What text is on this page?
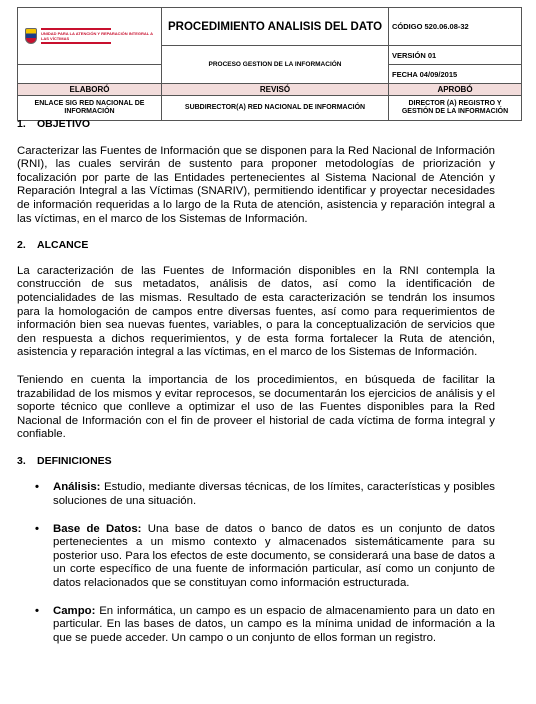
UNIDAD PARA LA ATENCIÓN Y REPARACIÓN INTEGRAL A LAS VÍCTIMAS	PROCEDIMIENTO ANALISIS DEL DATO	CÓDIGO 520.06.08-32
	PROCESO GESTION DE LA INFORMACIÓN	VERSIÓN 01
		FECHA 04/09/2015
ELABORÓ	REVISÓ	APROBÓ
ENLACE SIG RED NACIONAL DE INFORMACIÓN	SUBDIRECTOR(A) RED NACIONAL DE INFORMACIÓN	DIRECTOR (A) REGISTRO Y GESTIÓN DE LA INFORMACIÓN
1. OBJETIVO

Caracterizar las Fuentes de Información que se disponen para la Red Nacional de Información (RNI), las cuales servirán de sustento para proponer metodologías de priorización y focalización por parte de las Entidades pertenecientes al Sistema Nacional de Atención y Reparación Integral a las Víctimas (SNARIV), permitiendo identificar y proyectar necesidades de información requeridas a lo largo de la Ruta de atención, asistencia y reparación integral a las víctimas, en el marco de los Sistemas de Información.

2. ALCANCE

La caracterización de las Fuentes de Información disponibles en la RNI contempla la construcción de sus metadatos, análisis de datos, así como la identificación de potencialidades de las mismas. Resultado de esta caracterización se tendrán los insumos para la homologación de campos entre diversas fuentes, así como para requerimientos de información bien sea nuevas fuentes, variables, o para la conceptualización de servicios que den respuesta a dichos requerimientos, y de esta forma fortalecer la Ruta de atención, asistencia y reparación integral a las víctimas, en el marco de los Sistemas de Información.

Teniendo en cuenta la importancia de los procedimientos, en búsqueda de facilitar la trazabilidad de los mismos y evitar reprocesos, se documentarán los ejercicios de análisis y el soporte técnico que conlleve a optimizar el uso de las Fuentes disponibles para la Red Nacional de Información con el fin de proveer el historial de cada víctima de forma integral y confiable.

3. DEFINICIONES
• Análisis: Estudio, mediante diversas técnicas, de los límites, características y posibles soluciones de una situación.
• Base de Datos: Una base de datos o banco de datos es un conjunto de datos pertenecientes a un mismo contexto y almacenados sistemáticamente para su posterior uso. Para los efectos de este documento, se considerará una base de datos a un corte específico de una fuente de información particular, así como un conjunto de datos relacionados que se constituyan como información estructurada.
• Campo: En informática, un campo es un espacio de almacenamiento para un dato en particular. En las bases de datos, un campo es la mínima unidad de información a la que se puede acceder. Un campo o un conjunto de ellos forman un registro.
